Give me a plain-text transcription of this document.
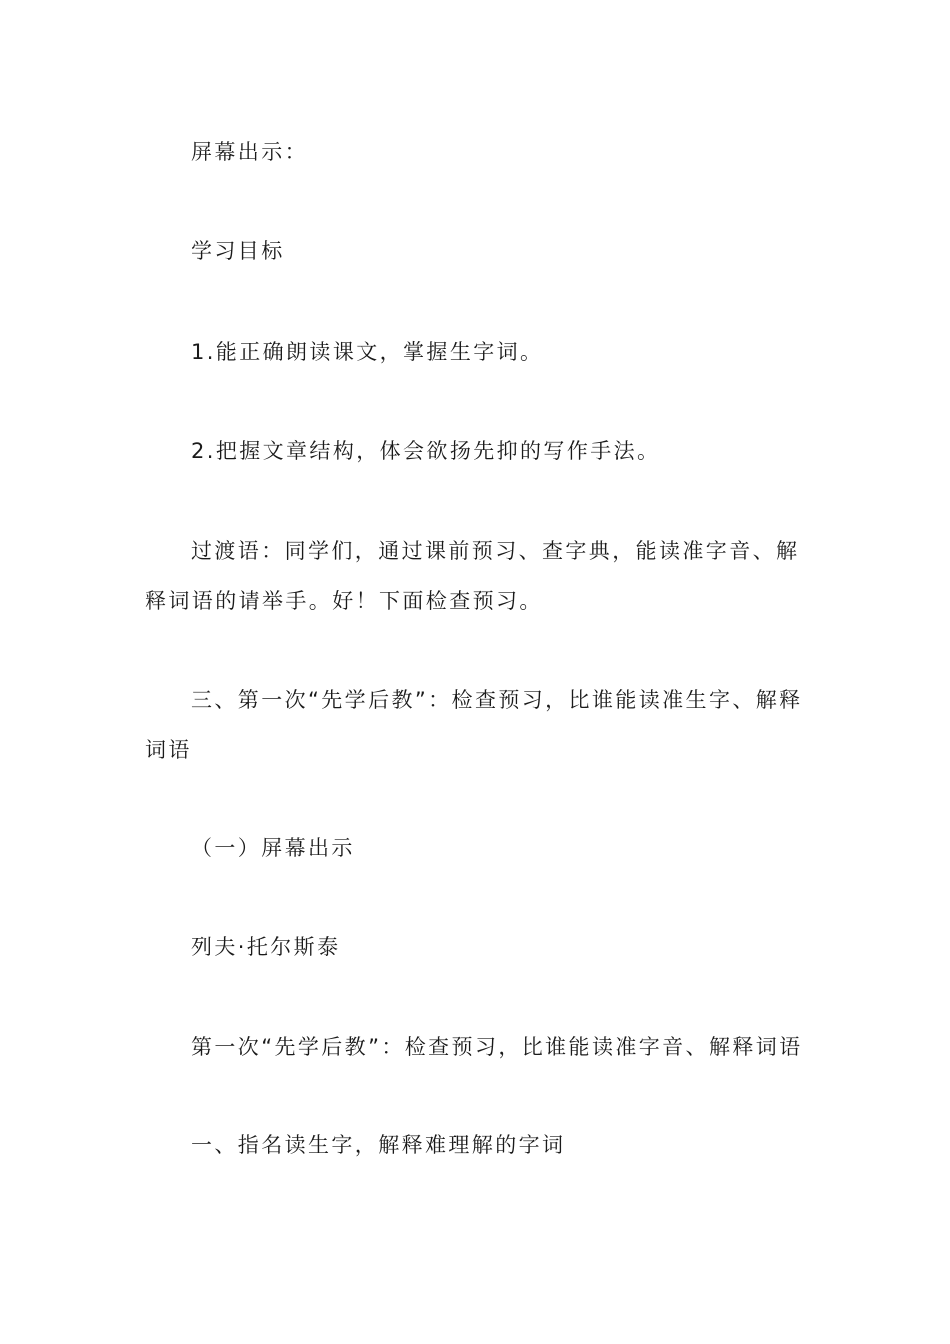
屏幕出示：

学习目标

1.能正确朗读课文，掌握生字词。

2.把握文章结构，体会欲扬先抑的写作手法。

过渡语：同学们，通过课前预习、查字典，能读准字音、解释词语的请举手。好！下面检查预习。

三、第一次“先学后教”：检查预习，比谁能读准生字、解释词语

（一）屏幕出示

列夫·托尔斯泰

第一次“先学后教”：检查预习，比谁能读准字音、解释词语

一、指名读生字，解释难理解的字词
